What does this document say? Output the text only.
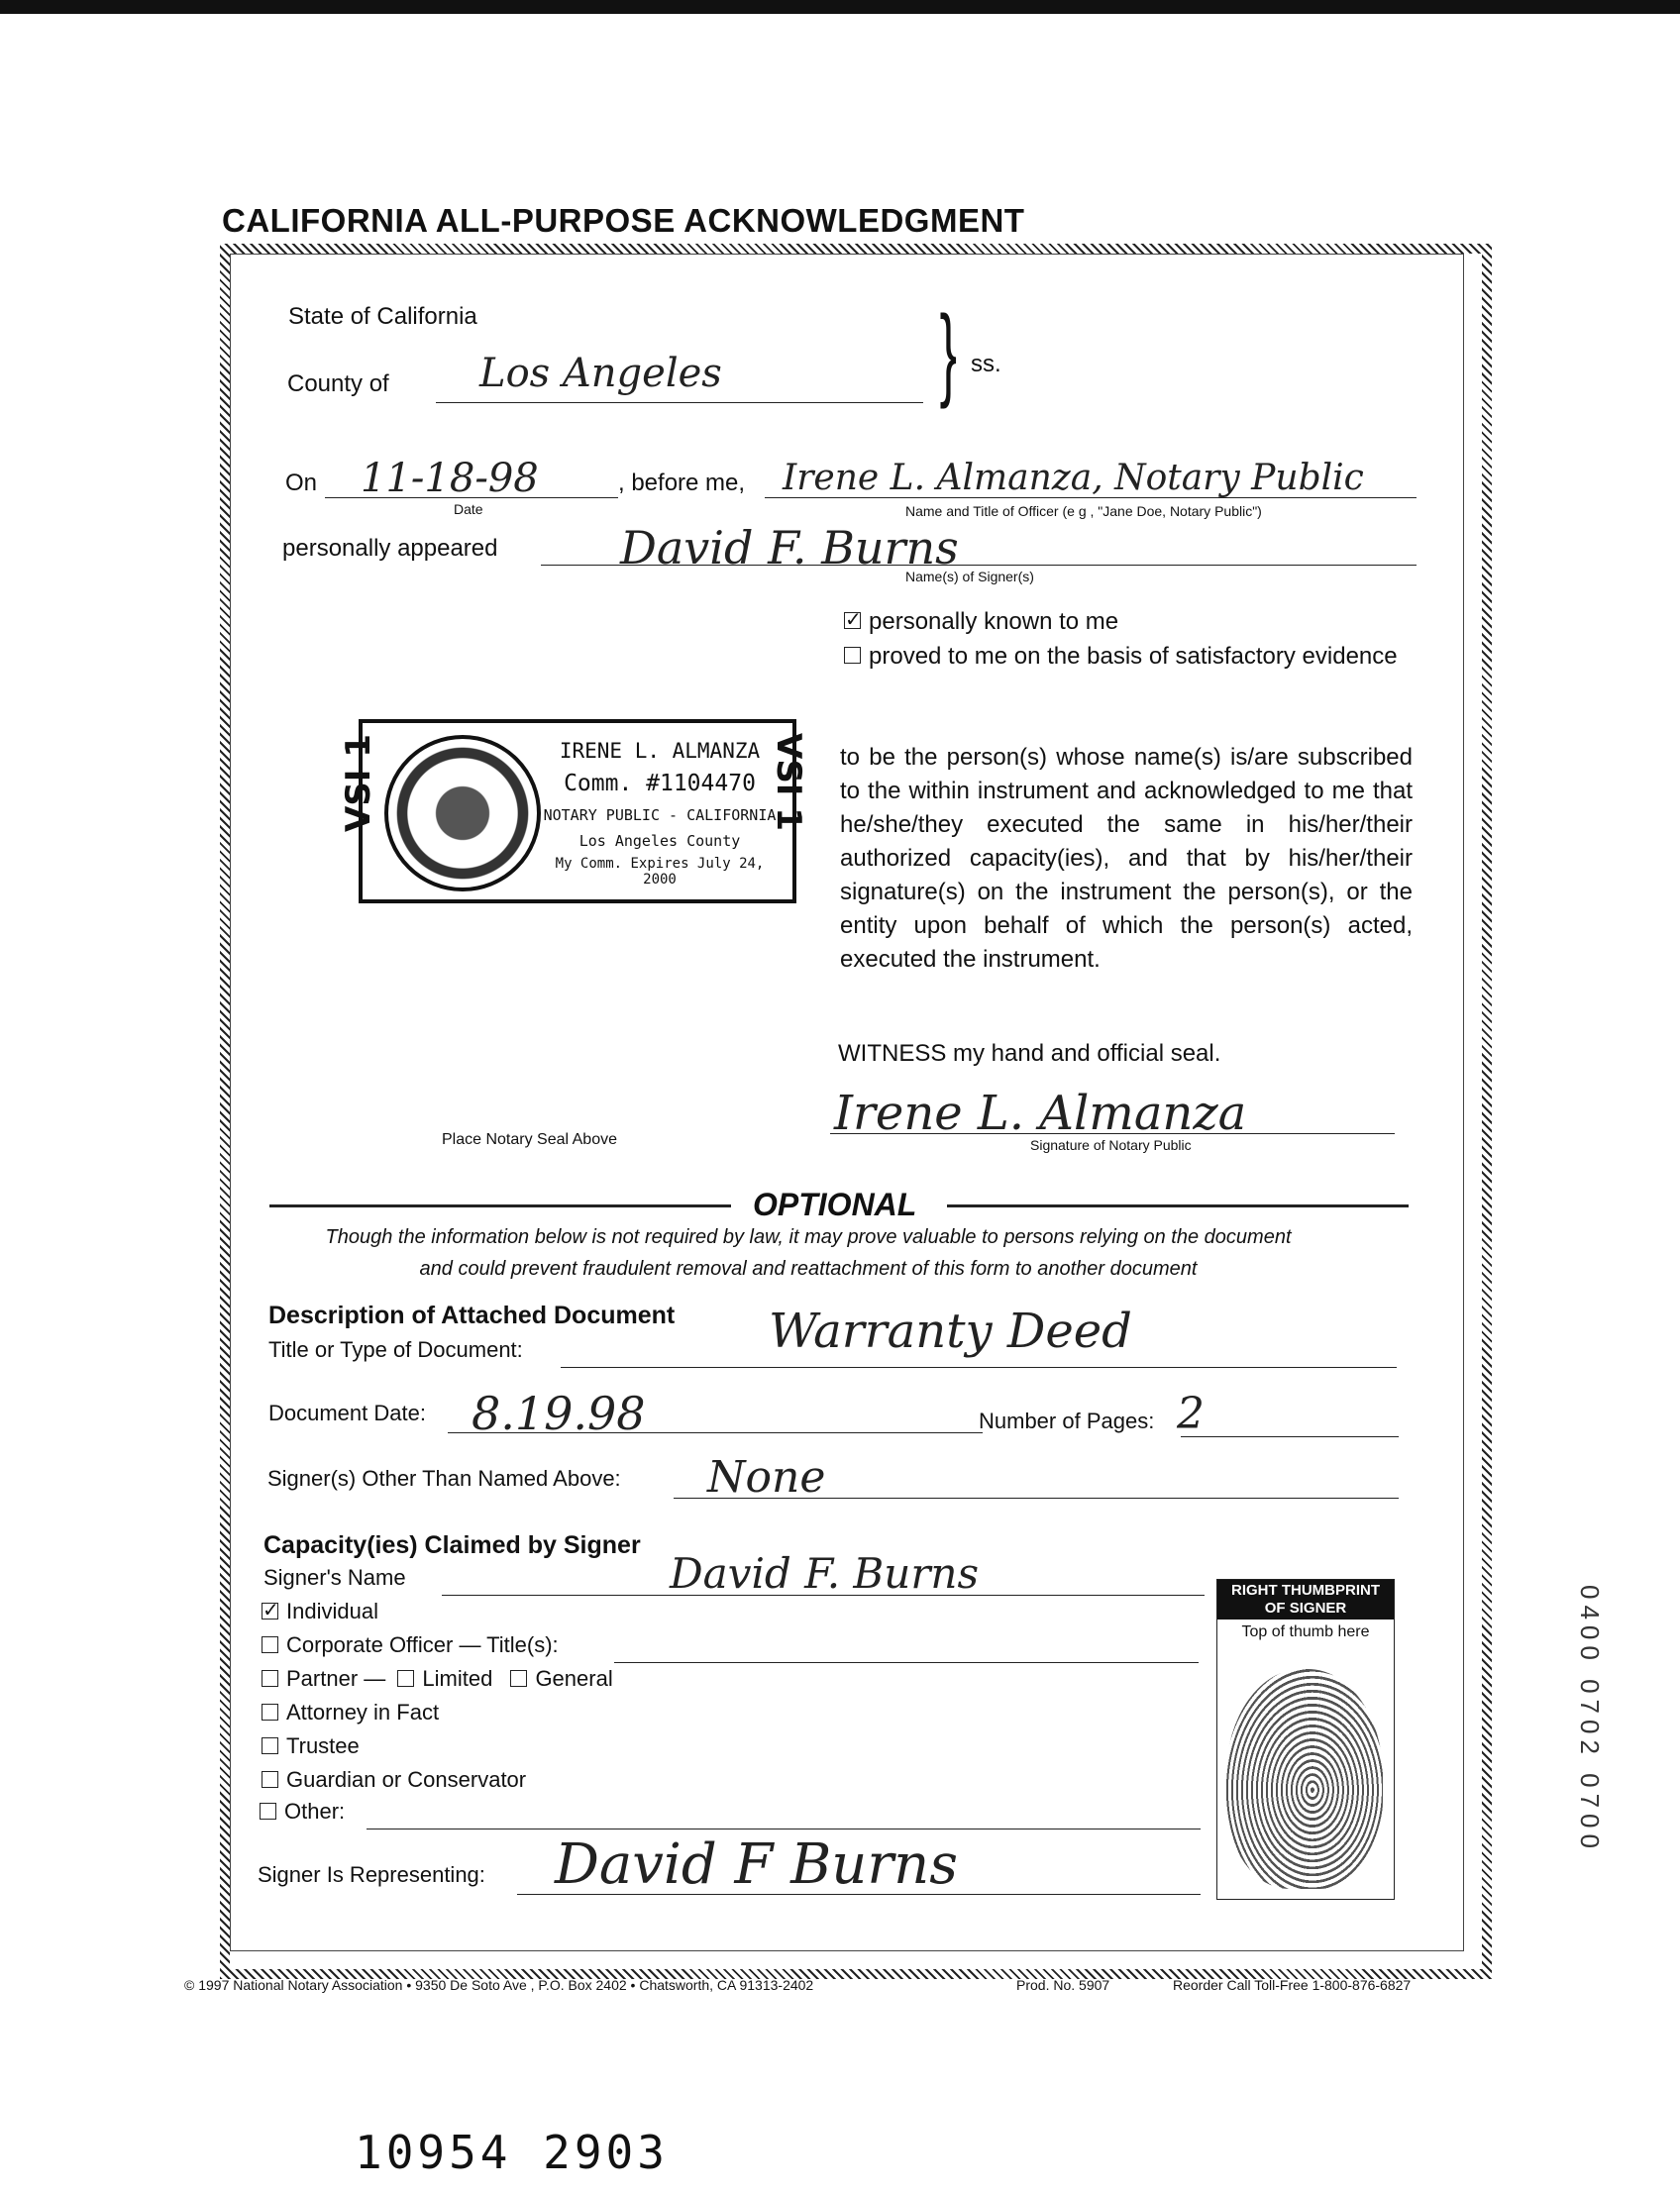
CALIFORNIA ALL-PURPOSE ACKNOWLEDGMENT
State of California
County of Los Angeles } ss.
On 11-18-98
Date
, before me, Irene L. Almanza, Notary Public
Name and Title of Officer (e g , "Jane Doe, Notary Public")
personally appeared	David F. Burns
Name(s) of Signer(s)
✓ personally known to me
proved to me on the basis of satisfactory evidence
IRENE L. ALMANZA
Comm. #1104470
NOTARY PUBLIC - CALIFORNIA
Los Angeles County
My Comm. Expires July 24, 2000
VSI 1	VSI 1 to be the person(s) whose name(s) is/are subscribed to the within instrument and acknowledged to me that he/she/they executed the same in his/her/their authorized capacity(ies), and that by his/her/their signature(s) on the instrument the person(s), or the entity upon behalf of which the person(s) acted, executed the instrument.
WITNESS my hand and official seal.
Place Notary Seal Above	Irene L. Almanza
Signature of Notary Public
OPTIONAL
Though the information below is not required by law, it may prove valuable to persons relying on the document
and could prevent fraudulent removal and reattachment of this form to another document
Description of Attached Document
Title or Type of Document:	Warranty Deed
Document Date: 8.19.98	Number of Pages: 2
Signer(s) Other Than Named Above: None
Capacity(ies) Claimed by Signer
Signer's Name	David F. Burns
✓ Individual
Corporate Officer — Title(s):
Partner — Limited General
Attorney in Fact
Trustee
Guardian or Conservator
Other:
Signer Is Representing: David F Burns
RIGHT THUMBPRINT
OF SIGNER
Top of thumb here
© 1997 National Notary Association • 9350 De Soto Ave , P.O. Box 2402 • Chatsworth, CA 91313-2402	Prod. No. 5907	Reorder Call Toll-Free 1-800-876-6827
10954 2903
0400 0702 0700
